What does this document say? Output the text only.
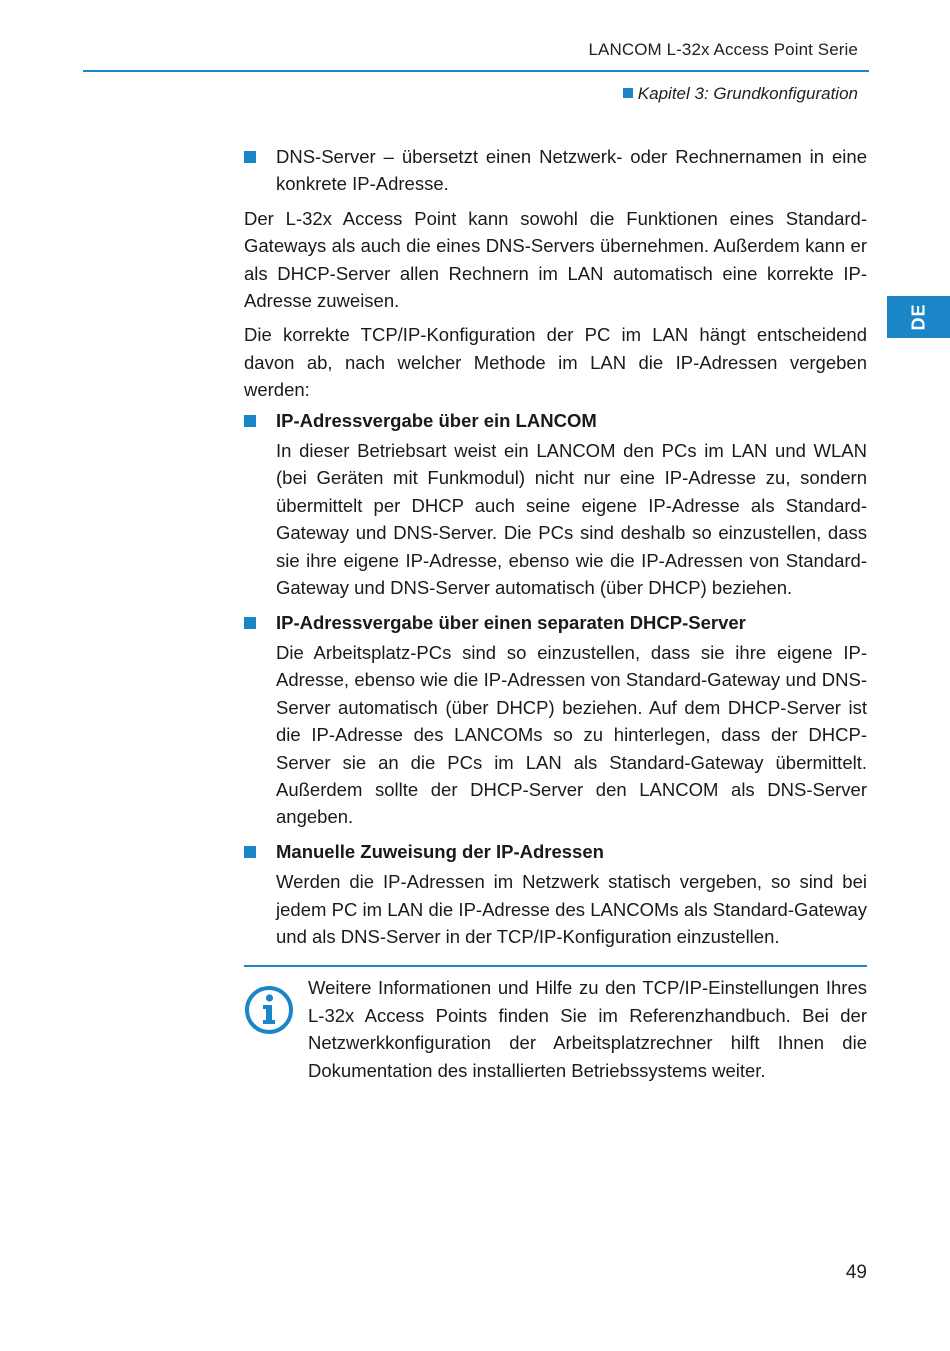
LANCOM L-32x Access Point Serie
Kapitel 3: Grundkonfiguration
DE

DNS-Server – übersetzt einen Netzwerk- oder Rechnernamen in eine konkrete IP-Adresse.

Der L-32x Access Point kann sowohl die Funktionen eines Standard-Gateways als auch die eines DNS-Servers übernehmen. Außerdem kann er als DHCP-Server allen Rechnern im LAN automatisch eine korrekte IP-Adresse zuweisen.

Die korrekte TCP/IP-Konfiguration der PC im LAN hängt entscheidend davon ab, nach welcher Methode im LAN die IP-Adressen vergeben werden:

IP-Adressvergabe über ein LANCOM

In dieser Betriebsart weist ein LANCOM den PCs im LAN und WLAN (bei Geräten mit Funkmodul) nicht nur eine IP-Adresse zu, sondern übermittelt per DHCP auch seine eigene IP-Adresse als Standard-Gateway und DNS-Server. Die PCs sind deshalb so einzustellen, dass sie ihre eigene IP-Adresse, ebenso wie die IP-Adressen von Standard-Gateway und DNS-Server automatisch (über DHCP) beziehen.

IP-Adressvergabe über einen separaten DHCP-Server

Die Arbeitsplatz-PCs sind so einzustellen, dass sie ihre eigene IP-Adresse, ebenso wie die IP-Adressen von Standard-Gateway und DNS-Server automatisch (über DHCP) beziehen. Auf dem DHCP-Server ist die IP-Adresse des LANCOMs so zu hinterlegen, dass der DHCP-Server sie an die PCs im LAN als Standard-Gateway übermittelt. Außerdem sollte der DHCP-Server den LANCOM als DNS-Server angeben.

Manuelle Zuweisung der IP-Adressen

Werden die IP-Adressen im Netzwerk statisch vergeben, so sind bei jedem PC im LAN die IP-Adresse des LANCOMs als Standard-Gateway und als DNS-Server in der TCP/IP-Konfiguration einzustellen.

Weitere Informationen und Hilfe zu den TCP/IP-Einstellungen Ihres L-32x Access Points finden Sie im Referenzhandbuch. Bei der Netzwerkkonfiguration der Arbeitsplatzrechner hilft Ihnen die Dokumentation des installierten Betriebssystems weiter.

49
